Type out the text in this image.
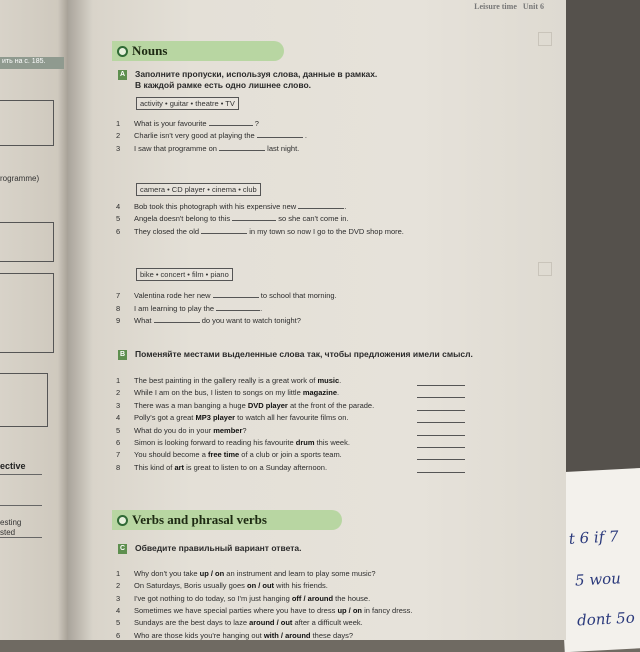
ить на с. 185.
rogramme)
ective
esting
sted	t 6 if 7
5 wou
dont 5o
Leisure time Unit 6
Nouns
A Заполните пропуски, используя слова, данные в рамках.
В каждой рамке есть одно лишнее слово.
activity • guitar • theatre • TV
1	What is your favourite	?
2	Charlie isn't very good at playing the	.
3	I saw that programme on	last night.
camera • CD player • cinema • club
4	Bob took this photograph with his expensive new	.
5	Angela doesn't belong to this	so she can't come in.
6	They closed the old	in my town so now I go to the DVD shop more.
bike • concert • film • piano
7	Valentina rode her new	to school that morning.
8	I am learning to play the	.
9	What	do you want to watch tonight?
B Поменяйте местами выделенные слова так, чтобы предложения имели смысл.
1	The best painting in the gallery really is a great work of music.
2	While I am on the bus, I listen to songs on my little magazine.
3	There was a man banging a huge DVD player at the front of the parade.
4	Polly's got a great MP3 player to watch all her favourite films on.
5	What do you do in your member?
6	Simon is looking forward to reading his favourite drum this week.
7	You should become a free time of a club or join a sports team.
8	This kind of art is great to listen to on a Sunday afternoon.
Verbs and phrasal verbs
C Обведите правильный вариант ответа.
1	Why don't you take up / on an instrument and learn to play some music?
2	On Saturdays, Boris usually goes on / out with his friends.
3	I've got nothing to do today, so I'm just hanging off / around the house.
4	Sometimes we have special parties where you have to dress up / on in fancy dress.
5	Sundays are the best days to laze around / out after a difficult week.
6	Who are those kids you're hanging out with / around these days?
